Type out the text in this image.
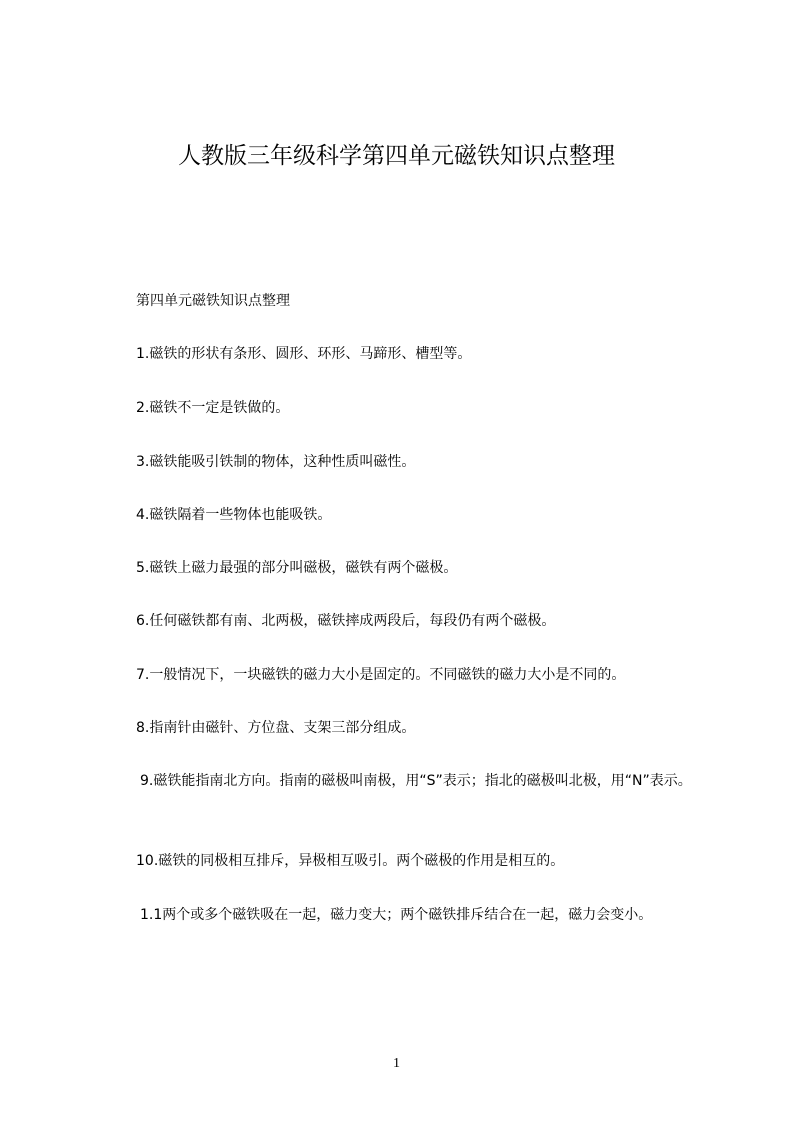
人教版三年级科学第四单元磁铁知识点整理
第四单元磁铁知识点整理
1.磁铁的形状有条形、圆形、环形、马蹄形、槽型等。
2.磁铁不一定是铁做的。
3.磁铁能吸引铁制的物体，这种性质叫磁性。
4.磁铁隔着一些物体也能吸铁。
5.磁铁上磁力最强的部分叫磁极，磁铁有两个磁极。
6.任何磁铁都有南、北两极，磁铁摔成两段后，每段仍有两个磁极。
7.一般情况下，一块磁铁的磁力大小是固定的。不同磁铁的磁力大小是不同的。
8.指南针由磁针、方位盘、支架三部分组成。
9.磁铁能指南北方向。指南的磁极叫南极，用“S”表示；指北的磁极叫北极，用“N”表示。
10.磁铁的同极相互排斥，异极相互吸引。两个磁极的作用是相互的。
1.1两个或多个磁铁吸在一起，磁力变大；两个磁铁排斥结合在一起，磁力会变小。
1
